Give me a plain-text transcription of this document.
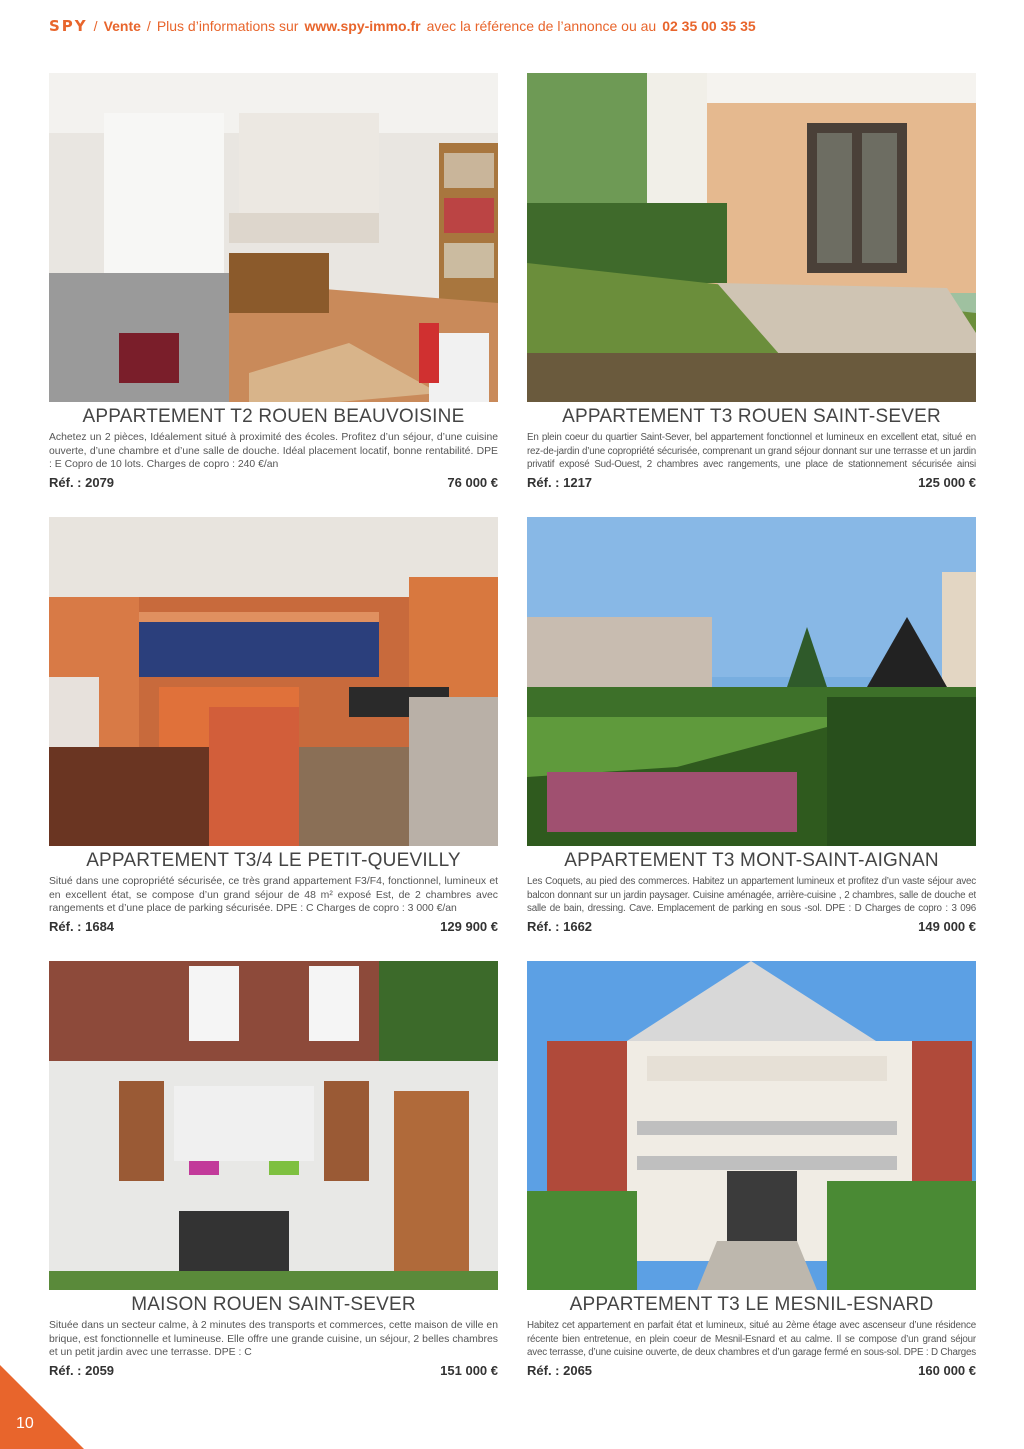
SPY / Vente / Plus d’informations sur www.spy-immo.fr avec la référence de l’annonce ou au 02 35 00 35 35
APPARTEMENT T2 ROUEN BEAUVOISINE
Achetez un 2 pièces, Idéalement situé à proximité des écoles. Profitez d’un séjour, d’une cuisine ouverte, d’une chambre et d’une salle de douche. Idéal placement locatif, bonne rentabilité. DPE : E Copro de 10 lots. Charges de copro : 240 €/an
Réf. : 2079	76 000 €
APPARTEMENT T3 ROUEN SAINT-SEVER
En plein coeur du quartier Saint-Sever, bel appartement fonctionnel et lumineux en excellent etat, situé en rez-de-jardin d’une copropriété sécurisée, comprenant un grand séjour donnant sur une terrasse et un jardin privatif exposé Sud-Ouest, 2 chambres avec rangements, une place de stationnement sécurisée ainsi
Réf. : 1217	125 000 €
APPARTEMENT T3/4 LE PETIT-QUEVILLY
Situé dans une copropriété sécurisée, ce très grand appartement F3/F4, fonctionnel, lumineux et en excellent état, se compose d’un grand séjour de 48 m² exposé Est, de 2 chambres avec rangements et d’une place de parking sécurisée. DPE : C Charges de copro : 3 000 €/an
Réf. : 1684	129 900 €
APPARTEMENT T3 MONT-SAINT-AIGNAN
Les Coquets, au pied des commerces. Habitez un appartement lumineux et profitez d’un vaste séjour avec balcon donnant sur un jardin paysager. Cuisine aménagée, arrière-cuisine , 2 chambres, salle de douche et salle de bain, dressing. Cave. Emplacement de parking en sous -sol. DPE : D Charges de copro : 3 096
Réf. : 1662	149 000 €
MAISON ROUEN SAINT-SEVER
Située dans un secteur calme, à 2 minutes des transports et commerces, cette maison de ville en brique, est fonctionnelle et lumineuse. Elle offre une grande cuisine, un séjour, 2 belles chambres et un petit jardin avec une terrasse. DPE : C
Réf. : 2059	151 000 €
APPARTEMENT T3 LE MESNIL-ESNARD
Habitez cet appartement en parfait état et lumineux, situé au 2ème étage avec ascenseur d’une résidence récente bien entretenue, en plein coeur de Mesnil-Esnard et au calme. Il se compose d’un grand séjour avec terrasse, d’une cuisine ouverte, de deux chambres et d’un garage fermé en sous-sol. DPE : D Charges
Réf. : 2065	160 000 €
10
